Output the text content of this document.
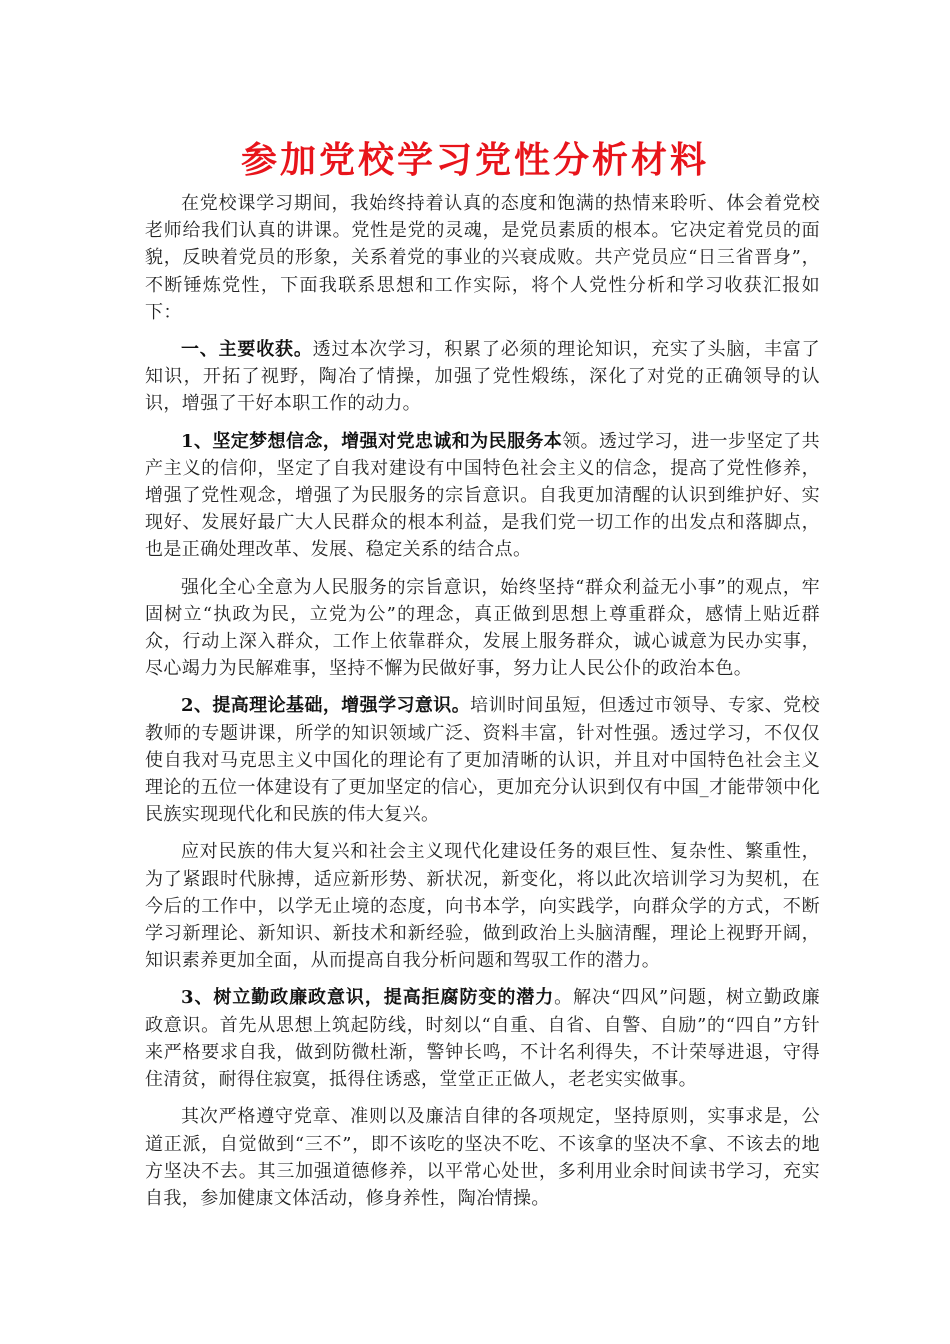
参加党校学习党性分析材料

在党校课学习期间，我始终持着认真的态度和饱满的热情来聆听、体会着党校老师给我们认真的讲课。党性是党的灵魂，是党员素质的根本。它决定着党员的面貌，反映着党员的形象，关系着党的事业的兴衰成败。共产党员应“日三省晋身”，不断锤炼党性，下面我联系思想和工作实际，将个人党性分析和学习收获汇报如下：

一、主要收获。透过本次学习，积累了必须的理论知识，充实了头脑，丰富了知识，开拓了视野，陶冶了情操，加强了党性煅练，深化了对党的正确领导的认识，增强了干好本职工作的动力。

1、坚定梦想信念，增强对党忠诚和为民服务本领。透过学习，进一步坚定了共产主义的信仰，坚定了自我对建设有中国特色社会主义的信念，提高了党性修养，增强了党性观念，增强了为民服务的宗旨意识。自我更加清醒的认识到维护好、实现好、发展好最广大人民群众的根本利益，是我们党一切工作的出发点和落脚点，也是正确处理改革、发展、稳定关系的结合点。

强化全心全意为人民服务的宗旨意识，始终坚持“群众利益无小事”的观点，牢固树立“执政为民，立党为公”的理念，真正做到思想上尊重群众，感情上贴近群众，行动上深入群众，工作上依靠群众，发展上服务群众，诚心诚意为民办实事，尽心竭力为民解难事，坚持不懈为民做好事，努力让人民公仆的政治本色。

2、提高理论基础，增强学习意识。培训时间虽短，但透过市领导、专家、党校教师的专题讲课，所学的知识领域广泛、资料丰富，针对性强。透过学习，不仅仅使自我对马克思主义中国化的理论有了更加清晰的认识，并且对中国特色社会主义理论的五位一体建设有了更加坚定的信心，更加充分认识到仅有中国_才能带领中化民族实现现代化和民族的伟大复兴。

应对民族的伟大复兴和社会主义现代化建设任务的艰巨性、复杂性、繁重性，为了紧跟时代脉搏，适应新形势、新状况，新变化，将以此次培训学习为契机，在今后的工作中，以学无止境的态度，向书本学，向实践学，向群众学的方式，不断学习新理论、新知识、新技术和新经验，做到政治上头脑清醒，理论上视野开阔，知识素养更加全面，从而提高自我分析问题和驾驭工作的潜力。

3、树立勤政廉政意识，提高拒腐防变的潜力。解决“四风”问题，树立勤政廉政意识。首先从思想上筑起防线，时刻以“自重、自省、自警、自励”的“四自”方针来严格要求自我，做到防微杜渐，警钟长鸣，不计名利得失，不计荣辱进退，守得住清贫，耐得住寂寞，抵得住诱惑，堂堂正正做人，老老实实做事。

其次严格遵守党章、准则以及廉洁自律的各项规定，坚持原则，实事求是，公道正派，自觉做到“三不”，即不该吃的坚决不吃、不该拿的坚决不拿、不该去的地方坚决不去。其三加强道德修养，以平常心处世，多利用业余时间读书学习，充实自我，参加健康文体活动，修身养性，陶冶情操。
